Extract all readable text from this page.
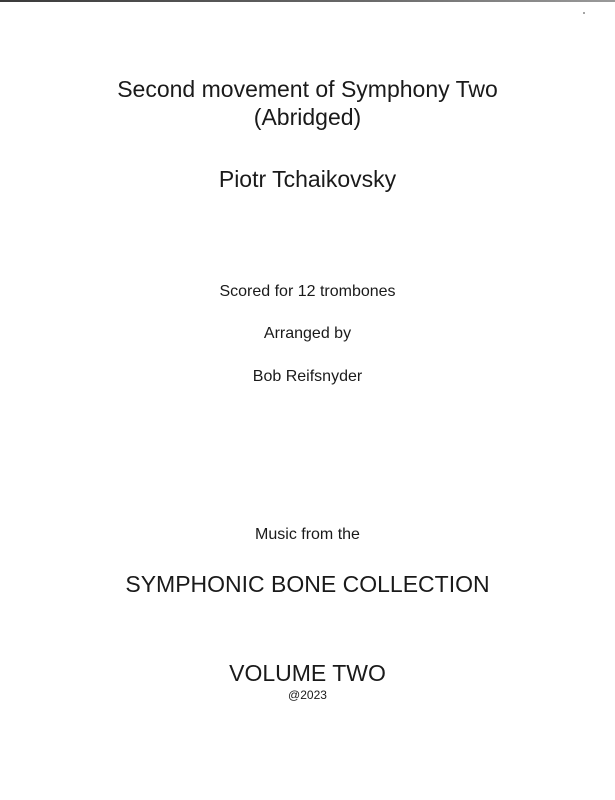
Second movement of Symphony Two
(Abridged)
Piotr Tchaikovsky
Scored for 12 trombones
Arranged by
Bob Reifsnyder
Music from the
SYMPHONIC BONE COLLECTION
VOLUME TWO
@2023
